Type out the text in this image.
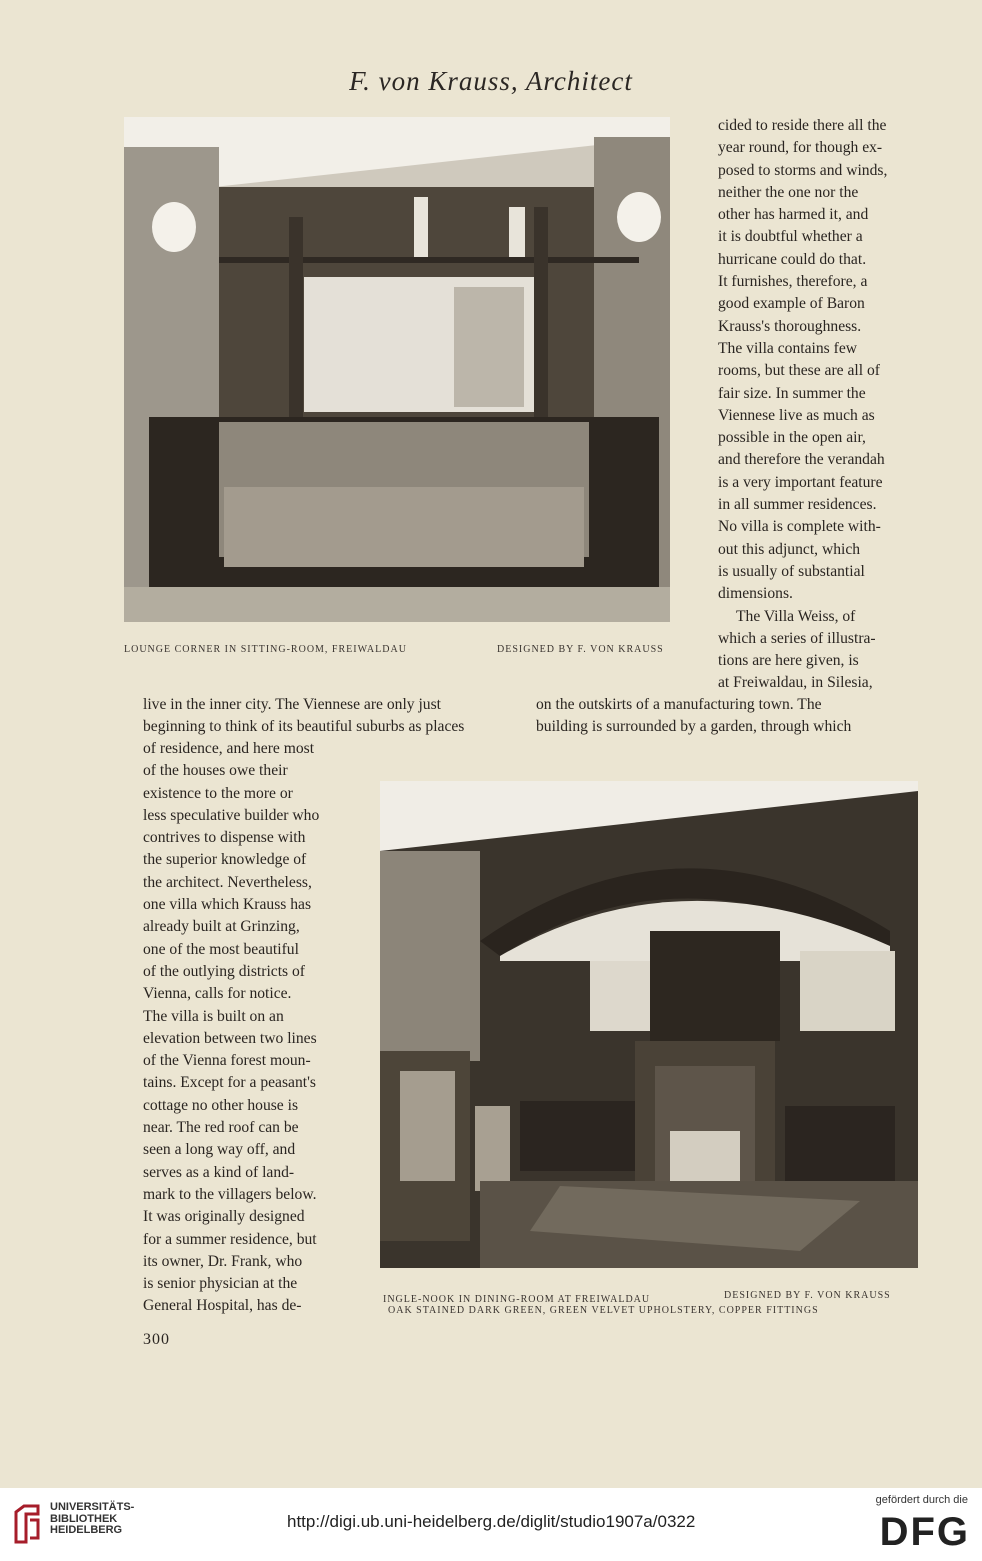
F. von Krauss, Architect
LOUNGE CORNER IN SITTING-ROOM, FREIWALDAU	DESIGNED BY F. VON KRAUSS

cided to reside there all the
year round, for though ex-
posed to storms and winds,
neither the one nor the
other has harmed it, and
it is doubtful whether a
hurricane could do that.
It furnishes, therefore, a
good example of Baron
Krauss's thoroughness.
The villa contains few
rooms, but these are all of
fair size. In summer the
Viennese live as much as
possible in the open air,
and therefore the verandah
is a very important feature
in all summer residences.
No villa is complete with-
out this adjunct, which
is usually of substantial
dimensions.

The Villa Weiss, of
which a series of illustra-
tions are here given, is
at Freiwaldau, in Silesia,

live in the inner city. The Viennese are only just
beginning to think of its beautiful suburbs as places
on the outskirts of a manufacturing town. The
building is surrounded by a garden, through which
of residence, and here most
of the houses owe their
existence to the more or
less speculative builder who
contrives to dispense with
the superior knowledge of
the architect. Nevertheless,
one villa which Krauss has
already built at Grinzing,
one of the most beautiful
of the outlying districts of
Vienna, calls for notice.
The villa is built on an
elevation between two lines
of the Vienna forest moun-
tains. Except for a peasant's
cottage no other house is
near. The red roof can be
seen a long way off, and
serves as a kind of land-
mark to the villagers below.
It was originally designed
for a summer residence, but
its owner, Dr. Frank, who
is senior physician at the
General Hospital, has de-	INGLE-NOOK IN DINING-ROOM AT FREIWALDAU	DESIGNED BY F. VON KRAUSS
OAK STAINED DARK GREEN, GREEN VELVET UPHOLSTERY, COPPER FITTINGS
300
UNIVERSITÄTS-
BIBLIOTHEK
HEIDELBERG	http://digi.ub.uni-heidelberg.de/diglit/studio1907a/0322
gefördert durch die
DFG
